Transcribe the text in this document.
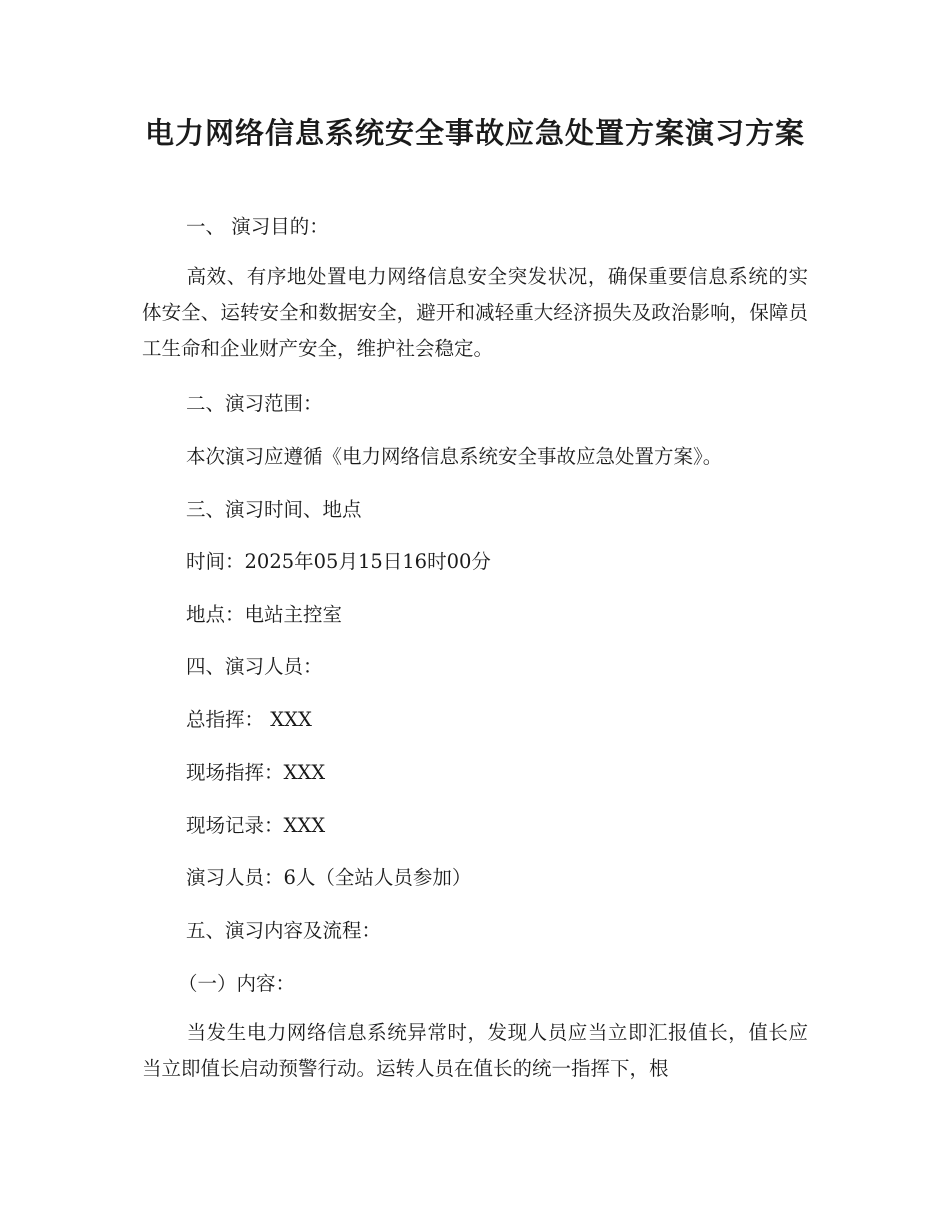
电力网络信息系统安全事故应急处置方案演习方案

一、 演习目的：

高效、有序地处置电力网络信息安全突发状况，确保重要信息系统的实体安全、运转安全和数据安全，避开和减轻重大经济损失及政治影响，保障员工生命和企业财产安全，维护社会稳定。

二、演习范围：

本次演习应遵循《电力网络信息系统安全事故应急处置方案》。

三、演习时间、地点

时间：2025年05月15日16时00分

地点：电站主控室

四、演习人员：

总指挥： XXX

现场指挥：XXX

现场记录：XXX

演习人员：6人（全站人员参加）

五、演习内容及流程：

（一）内容：

当发生电力网络信息系统异常时，发现人员应当立即汇报值长，值长应当立即值长启动预警行动。运转人员在值长的统一指挥下，根
